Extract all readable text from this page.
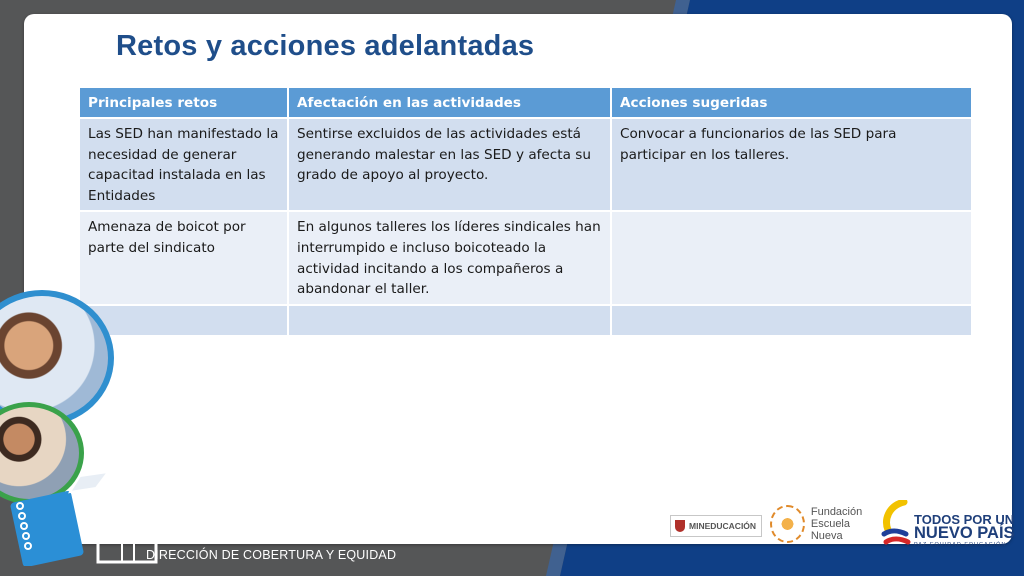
Retos y acciones adelantadas
Principales retos	Afectación en las actividades	Acciones sugeridas
Las SED han manifestado la necesidad de generar capacitad instalada en las Entidades	Sentirse excluidos de las actividades está generando malestar en las SED y afecta su grado de apoyo al proyecto.	Convocar a funcionarios de las SED para participar en los talleres.
Amenaza de boicot por parte del sindicato	En algunos talleres los líderes sindicales han interrumpido e incluso boicoteado la actividad incitando a los compañeros a abandonar el taller.	

DIRECCIÓN DE COBERTURA Y EQUIDAD
MINEDUCACIÓN
Fundación
Escuela Nueva
TODOS POR UN
NUEVO PAÍS
PAZ EQUIDAD EDUCACIÓN
